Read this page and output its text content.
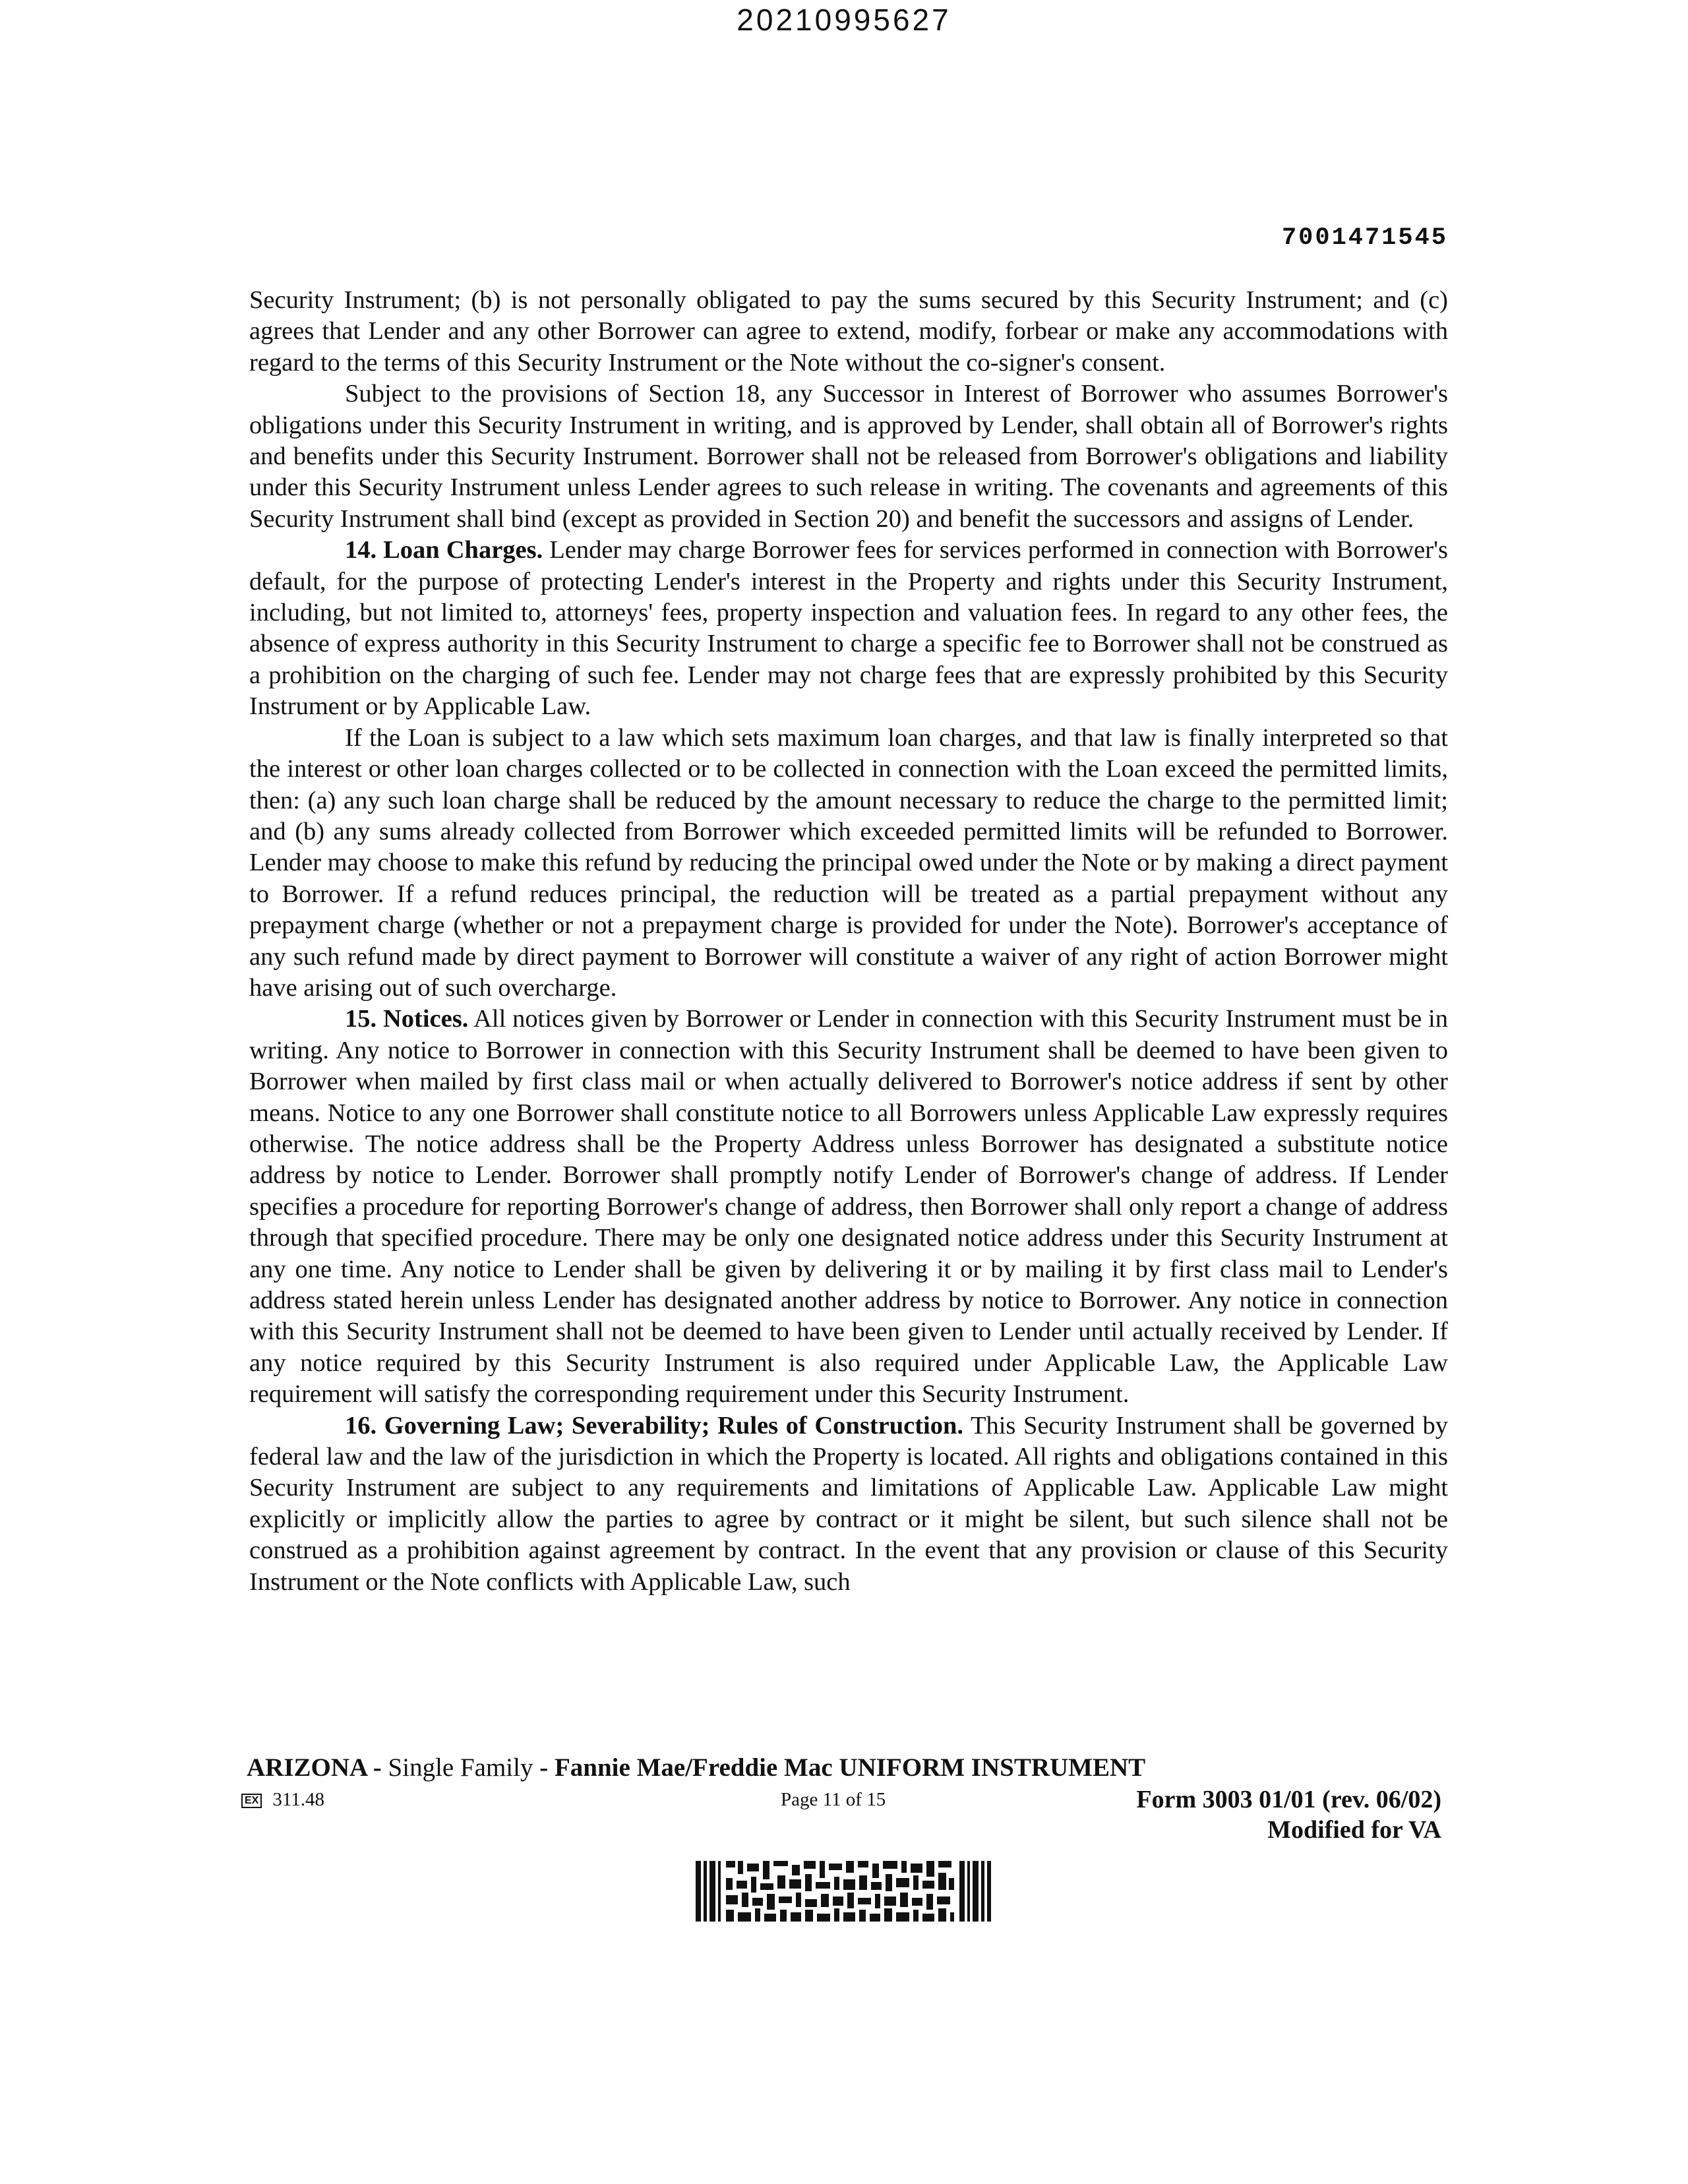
20210995627
7001471545

Security Instrument; (b) is not personally obligated to pay the sums secured by this Security Instrument; and (c) agrees that Lender and any other Borrower can agree to extend, modify, forbear or make any accommodations with regard to the terms of this Security Instrument or the Note without the co-signer's consent.

Subject to the provisions of Section 18, any Successor in Interest of Borrower who assumes Borrower's obligations under this Security Instrument in writing, and is approved by Lender, shall obtain all of Borrower's rights and benefits under this Security Instrument. Borrower shall not be released from Borrower's obligations and liability under this Security Instrument unless Lender agrees to such release in writing. The covenants and agreements of this Security Instrument shall bind (except as provided in Section 20) and benefit the successors and assigns of Lender.

14. Loan Charges. Lender may charge Borrower fees for services performed in connection with Borrower's default, for the purpose of protecting Lender's interest in the Property and rights under this Security Instrument, including, but not limited to, attorneys' fees, property inspection and valuation fees. In regard to any other fees, the absence of express authority in this Security Instrument to charge a specific fee to Borrower shall not be construed as a prohibition on the charging of such fee. Lender may not charge fees that are expressly prohibited by this Security Instrument or by Applicable Law.

If the Loan is subject to a law which sets maximum loan charges, and that law is finally interpreted so that the interest or other loan charges collected or to be collected in connection with the Loan exceed the permitted limits, then: (a) any such loan charge shall be reduced by the amount necessary to reduce the charge to the permitted limit; and (b) any sums already collected from Borrower which exceeded permitted limits will be refunded to Borrower. Lender may choose to make this refund by reducing the principal owed under the Note or by making a direct payment to Borrower. If a refund reduces principal, the reduction will be treated as a partial prepayment without any prepayment charge (whether or not a prepayment charge is provided for under the Note). Borrower's acceptance of any such refund made by direct payment to Borrower will constitute a waiver of any right of action Borrower might have arising out of such overcharge.

15. Notices. All notices given by Borrower or Lender in connection with this Security Instrument must be in writing. Any notice to Borrower in connection with this Security Instrument shall be deemed to have been given to Borrower when mailed by first class mail or when actually delivered to Borrower's notice address if sent by other means. Notice to any one Borrower shall constitute notice to all Borrowers unless Applicable Law expressly requires otherwise. The notice address shall be the Property Address unless Borrower has designated a substitute notice address by notice to Lender. Borrower shall promptly notify Lender of Borrower's change of address. If Lender specifies a procedure for reporting Borrower's change of address, then Borrower shall only report a change of address through that specified procedure. There may be only one designated notice address under this Security Instrument at any one time. Any notice to Lender shall be given by delivering it or by mailing it by first class mail to Lender's address stated herein unless Lender has designated another address by notice to Borrower. Any notice in connection with this Security Instrument shall not be deemed to have been given to Lender until actually received by Lender. If any notice required by this Security Instrument is also required under Applicable Law, the Applicable Law requirement will satisfy the corresponding requirement under this Security Instrument.

16. Governing Law; Severability; Rules of Construction. This Security Instrument shall be governed by federal law and the law of the jurisdiction in which the Property is located. All rights and obligations contained in this Security Instrument are subject to any requirements and limitations of Applicable Law. Applicable Law might explicitly or implicitly allow the parties to agree by contract or it might be silent, but such silence shall not be construed as a prohibition against agreement by contract. In the event that any provision or clause of this Security Instrument or the Note conflicts with Applicable Law, such

ARIZONA - Single Family - Fannie Mae/Freddie Mac UNIFORM INSTRUMENT
EX 311.48	Page 11 of 15	Form 3003 01/01 (rev. 06/02)
Modified for VA
